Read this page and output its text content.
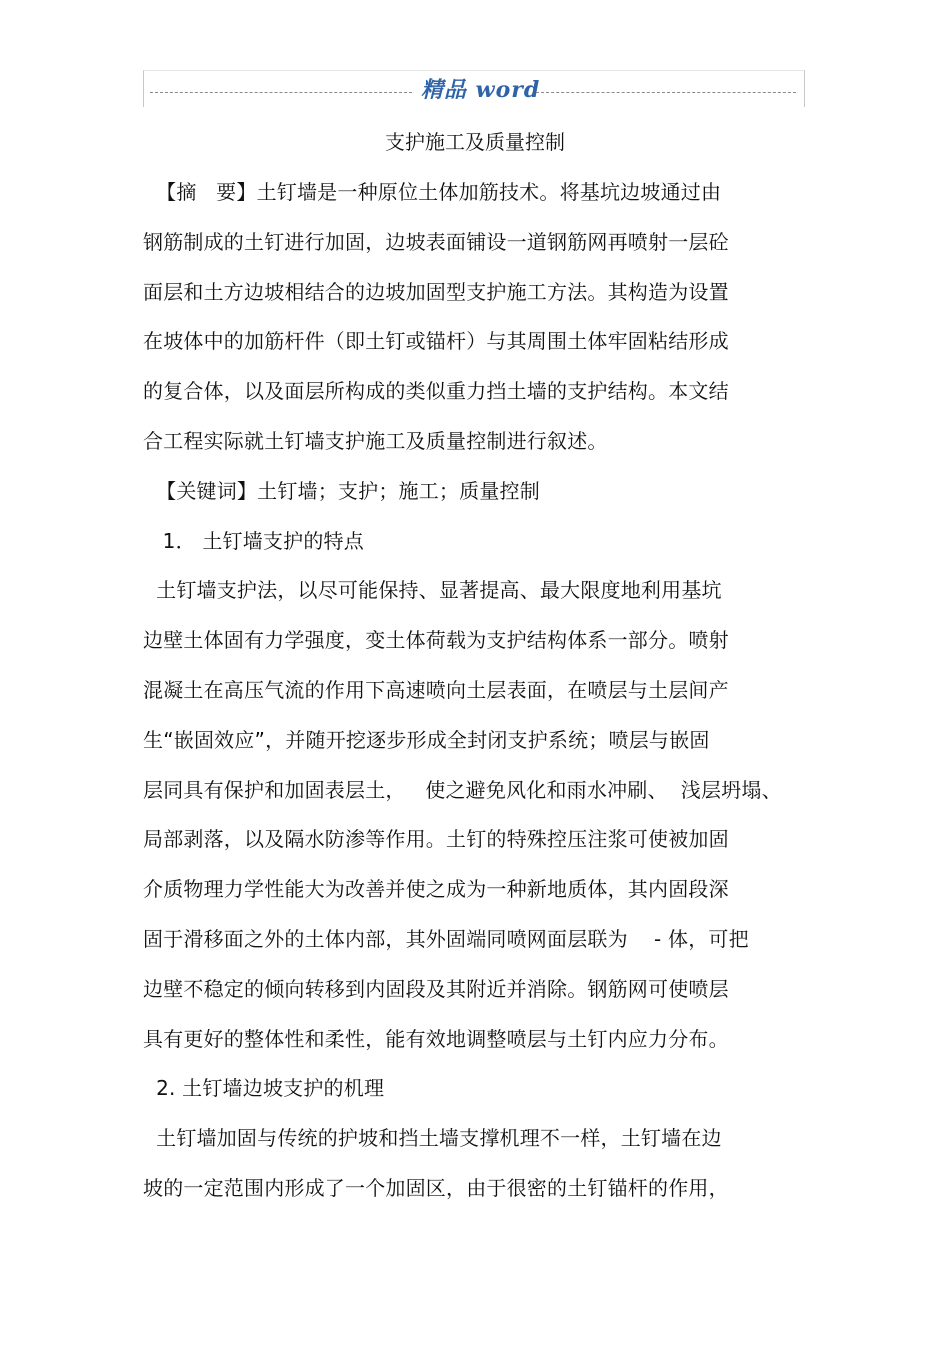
精品 word
支护施工及质量控制
【摘   要】土钉墙是一种原位土体加筋技术。将基坑边坡通过由
钢筋制成的土钉进行加固，边坡表面铺设一道钢筋网再喷射一层砼
面层和土方边坡相结合的边坡加固型支护施工方法。其构造为设置
在坡体中的加筋杆件（即土钉或锚杆）与其周围土体牢固粘结形成
的复合体，以及面层所构成的类似重力挡土墙的支护结构。本文结
合工程实际就土钉墙支护施工及质量控制进行叙述。
【关键词】土钉墙；支护；施工；质量控制
1． 土钉墙支护的特点
土钉墙支护法，以尽可能保持、显著提高、最大限度地利用基坑
边壁土体固有力学强度，变土体荷载为支护结构体系一部分。喷射
混凝土在高压气流的作用下高速喷向土层表面，在喷层与土层间产
生“嵌固效应”，并随开挖逐步形成全封闭支护系统；喷层与嵌固
层同具有保护和加固表层土，   使之避免风化和雨水冲刷、  浅层坍塌、
局部剥落，以及隔水防渗等作用。土钉的特殊控压注浆可使被加固
介质物理力学性能大为改善并使之成为一种新地质体，其内固段深
固于滑移面之外的土体内部，其外固端同喷网面层联为    - 体，可把
边壁不稳定的倾向转移到内固段及其附近并消除。钢筋网可使喷层
具有更好的整体性和柔性，能有效地调整喷层与土钉内应力分布。
2. 土钉墙边坡支护的机理
土钉墙加固与传统的护坡和挡土墙支撑机理不一样，土钉墙在边
坡的一定范围内形成了一个加固区，由于很密的土钉锚杆的作用，
